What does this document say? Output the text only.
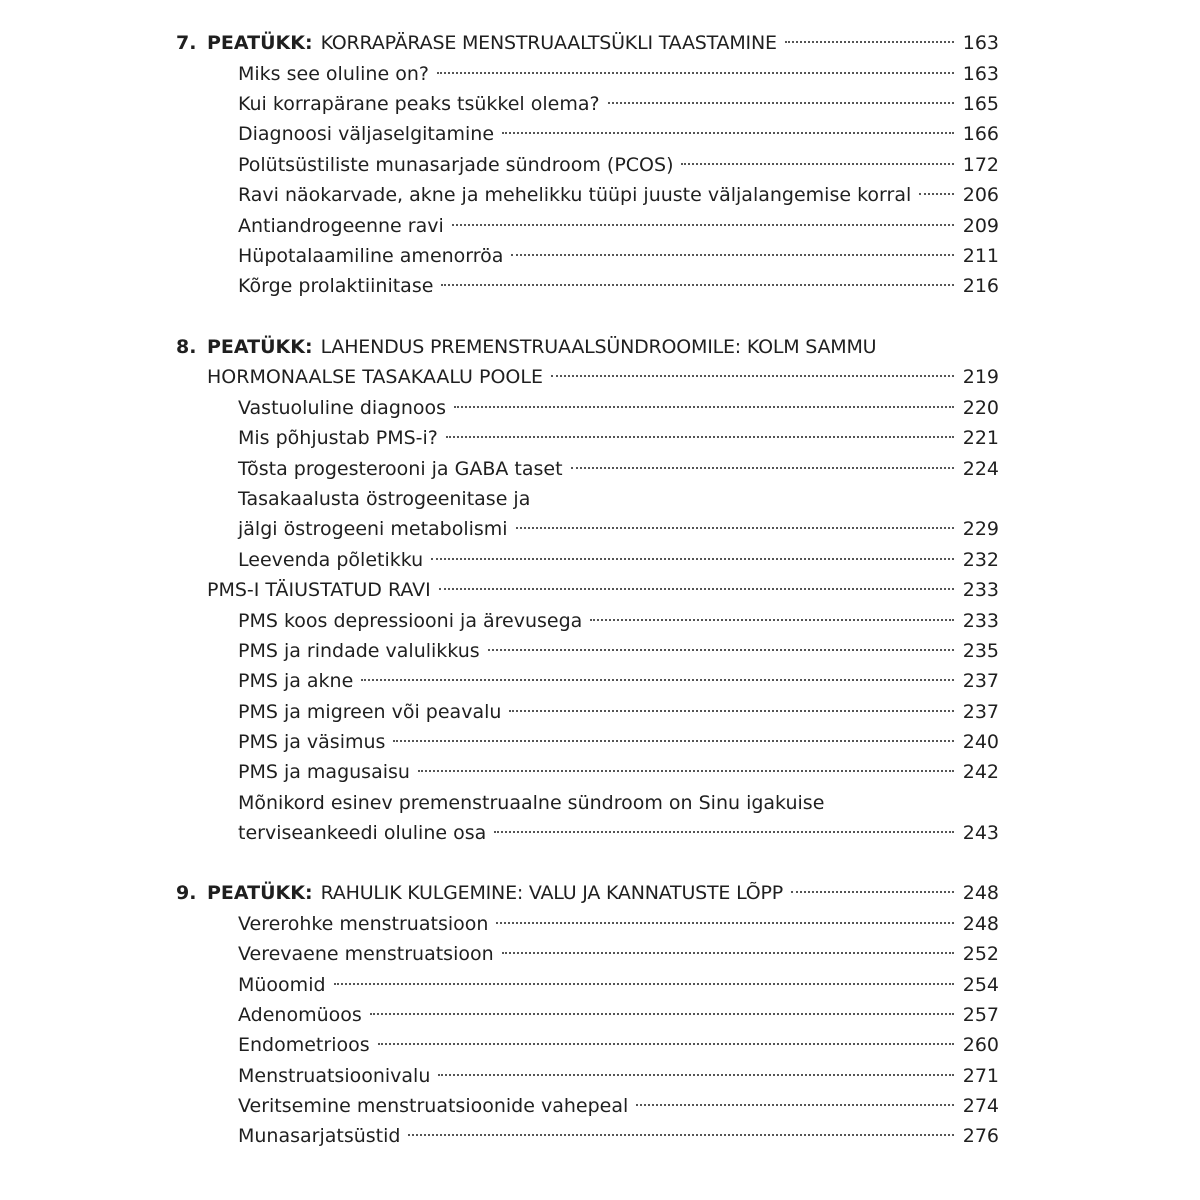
7. PEATÜKK: KORRAPÄRASE MENSTRUAALTSÜKLI TAASTAMINE	163
Miks see oluline on?	163
Kui korrapärane peaks tsükkel olema?	165
Diagnoosi väljaselgitamine	166
Polütsüstiliste munasarjade sündroom (PCOS)	172
Ravi näokarvade, akne ja mehelikku tüüpi juuste väljalangemise korral	206
Antiandrogeenne ravi	209
Hüpotalaamiline amenorröa	211
Kõrge prolaktiinitase	216
8. PEATÜKK: LAHENDUS PREMENSTRUAALSÜNDROOMILE: KOLM SAMMU
HORMONAALSE TASAKAALU POOLE	219
Vastuoluline diagnoos	220
Mis põhjustab PMS-i?	221
Tõsta progesterooni ja GABA taset	224
Tasakaalusta östrogeenitase ja
jälgi östrogeeni metabolismi	229
Leevenda põletikku	232
PMS-I TÄIUSTATUD RAVI	233
PMS koos depressiooni ja ärevusega	233
PMS ja rindade valulikkus	235
PMS ja akne	237
PMS ja migreen või peavalu	237
PMS ja väsimus	240
PMS ja magusaisu	242
Mõnikord esinev premenstruaalne sündroom on Sinu igakuise
terviseankeedi oluline osa	243
9. PEATÜKK: RAHULIK KULGEMINE: VALU JA KANNATUSTE LÕPP	248
Vererohke menstruatsioon	248
Verevaene menstruatsioon	252
Müoomid	254
Adenomüoos	257
Endometrioos	260
Menstruatsioonivalu	271
Veritsemine menstruatsioonide vahepeal	274
Munasarjatsüstid	276
